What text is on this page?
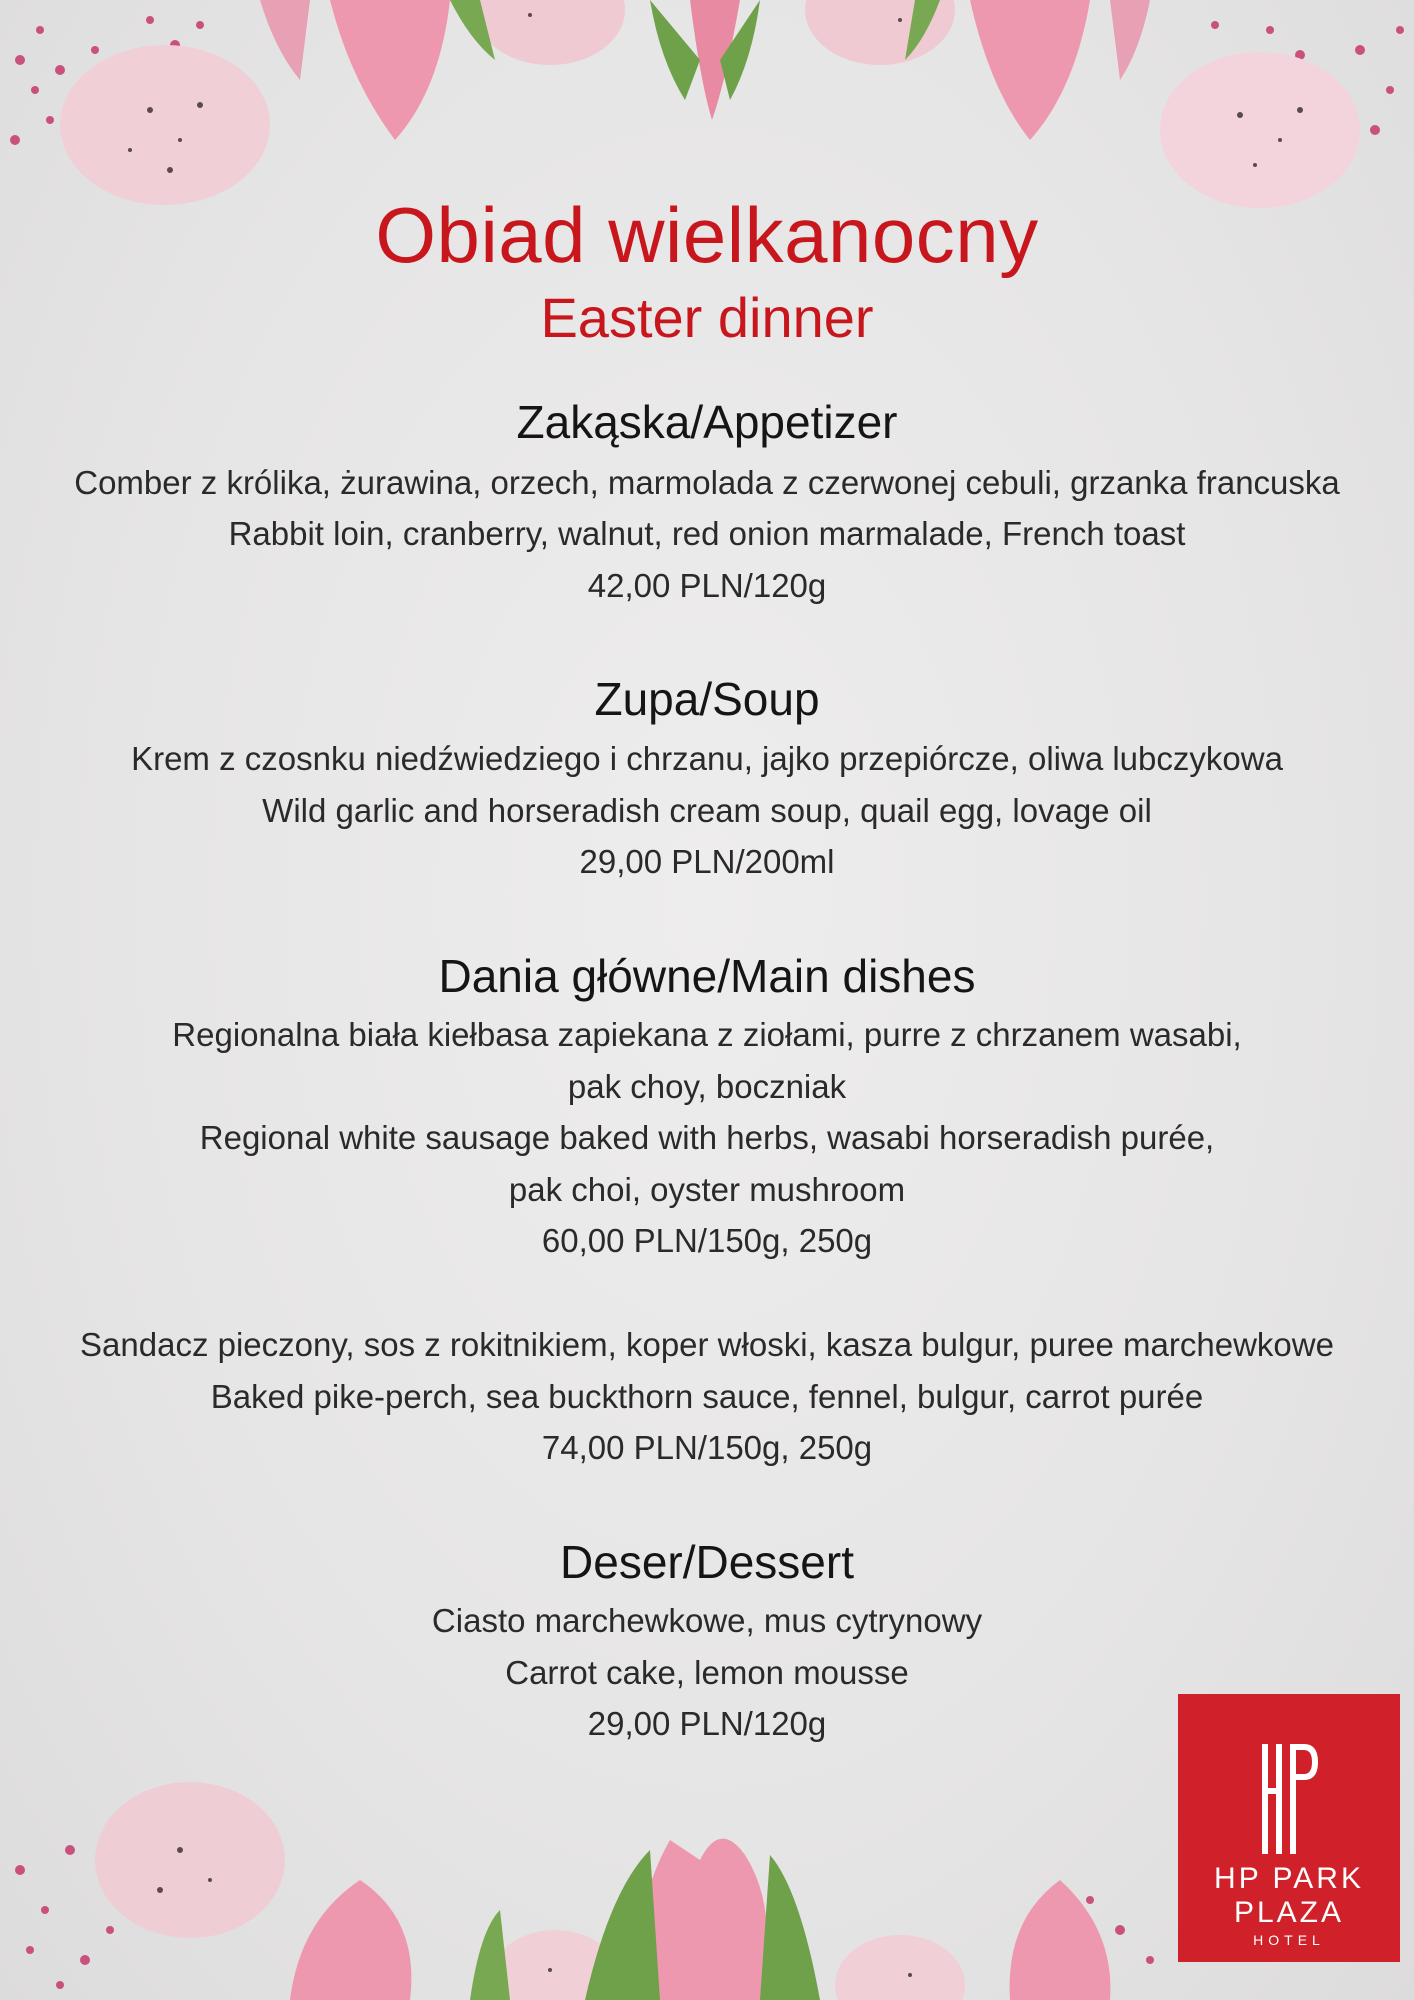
Obiad wielkanocny
Easter dinner
Zakąska/Appetizer
Comber z królika, żurawina, orzech, marmolada z czerwonej cebuli, grzanka francuska
Rabbit loin, cranberry, walnut, red onion marmalade, French toast
42,00 PLN/120g
Zupa/Soup
Krem z czosnku niedźwiedziego i chrzanu, jajko przepiórcze, oliwa lubczykowa
Wild garlic and horseradish cream soup, quail egg, lovage oil
29,00 PLN/200ml
Dania główne/Main dishes
Regionalna biała kiełbasa zapiekana z ziołami, purre z chrzanem wasabi,
pak choy, boczniak
Regional white sausage baked with herbs, wasabi horseradish purée,
pak choi, oyster mushroom
60,00 PLN/150g, 250g
Sandacz pieczony, sos z rokitnikiem, koper włoski, kasza bulgur, puree marchewkowe
Baked pike-perch, sea buckthorn sauce, fennel, bulgur, carrot purée
74,00 PLN/150g, 250g
Deser/Dessert
Ciasto marchewkowe, mus cytrynowy
Carrot cake, lemon mousse
29,00 PLN/120g
HP PARK
PLAZA
HOTEL
